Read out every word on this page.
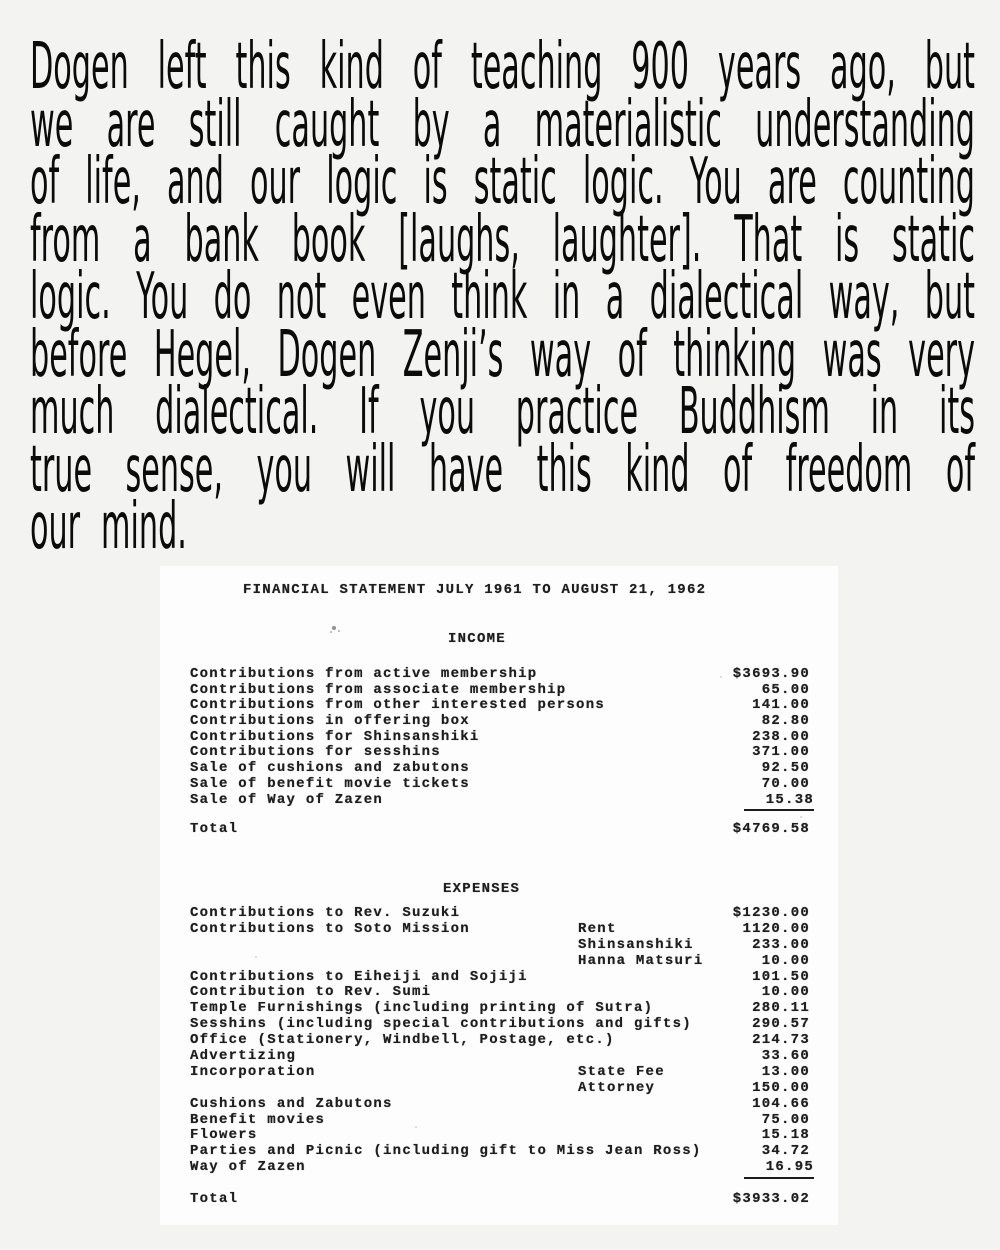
Dogen left this kind of teaching 900 years ago, but
we are still caught by a materialistic understanding
of life, and our logic is static logic. You are counting
from a bank book [laughs, laughter]. That is static
logic. You do not even think in a dialectical way, but
before Hegel, Dogen Zenji’s way of thinking was very
much dialectical. If you practice Buddhism in its
true sense, you will have this kind of freedom of
our mind.
FINANCIAL STATEMENT JULY 1961 TO AUGUST 21, 1962
INCOME
Contributions from active membership	$3693.90
Contributions from associate membership	65.00
Contributions from other interested persons	141.00
Contributions in offering box	82.80
Contributions for Shinsanshiki	238.00
Contributions for sesshins	371.00
Sale of cushions and zabutons	92.50
Sale of benefit movie tickets	70.00
Sale of Way of Zazen	15.38
Total	$4769.58
EXPENSES
Contributions to Rev. Suzuki	$1230.00
Contributions to Soto Mission	Rent	1120.00
Shinsanshiki	233.00
Hanna Matsuri	10.00
Contributions to Eiheiji and Sojiji	101.50
Contribution to Rev. Sumi	10.00
Temple Furnishings (including printing of Sutra)	280.11
Sesshins (including special contributions and gifts)	290.57
Office (Stationery, Windbell, Postage, etc.)	214.73
Advertizing	33.60
Incorporation	State Fee	13.00
Attorney	150.00
Cushions and Zabutons	104.66
Benefit movies	75.00
Flowers	15.18
Parties and Picnic (including gift to Miss Jean Ross)	34.72
Way of Zazen	16.95
Total	$3933.02
